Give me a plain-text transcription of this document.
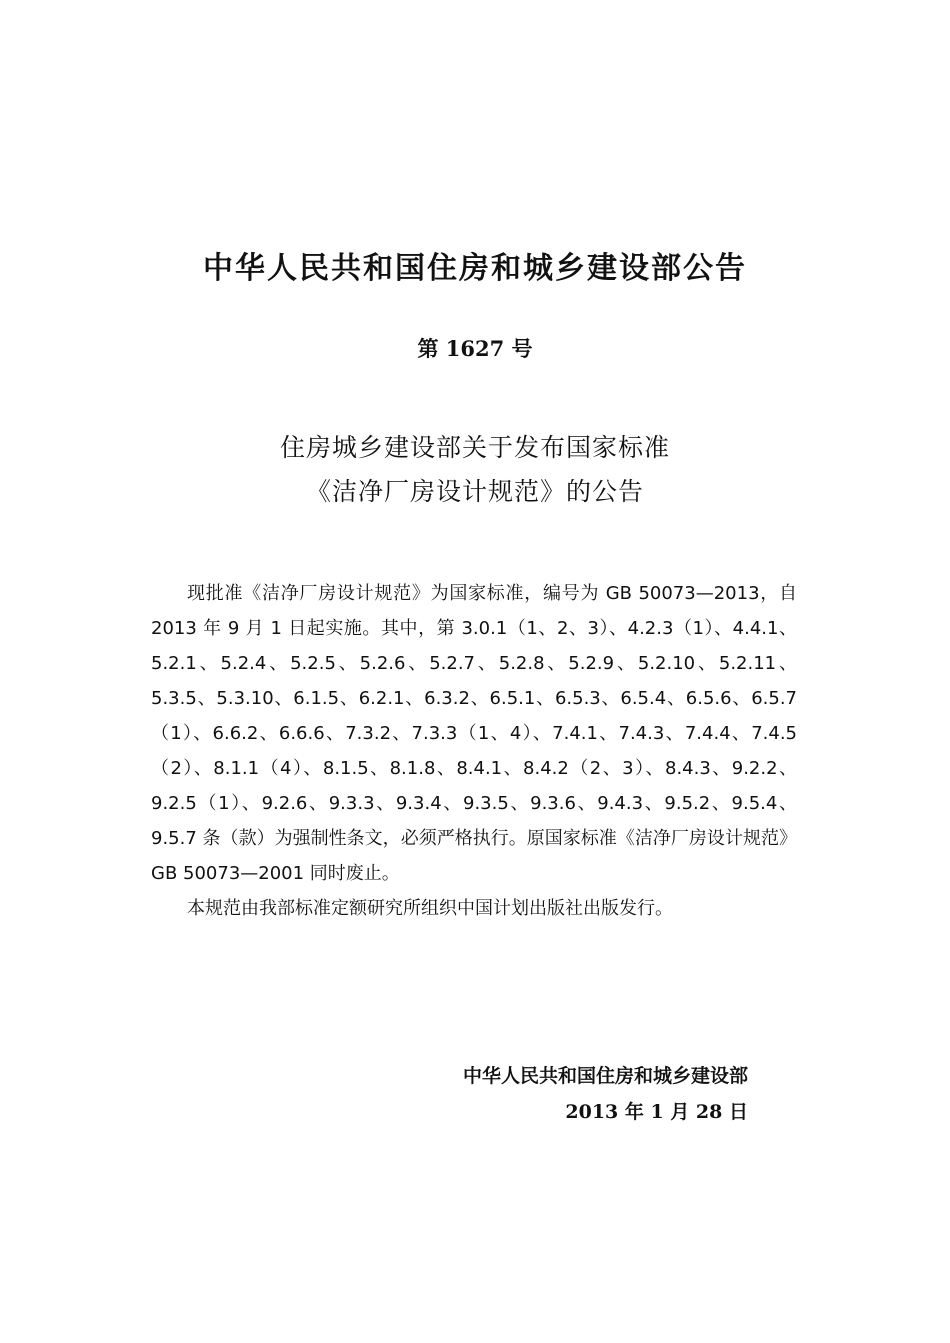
中华人民共和国住房和城乡建设部公告
第 1627 号
住房城乡建设部关于发布国家标准
《洁净厂房设计规范》的公告

现批准《洁净厂房设计规范》为国家标准，编号为 GB 50073—2013，自 2013 年 9 月 1 日起实施。其中，第 3.0.1（1、2、3）、4.2.3（1）、4.4.1、5.2.1、5.2.4、5.2.5、5.2.6、5.2.7、5.2.8、5.2.9、5.2.10、5.2.11、5.3.5、5.3.10、6.1.5、6.2.1、6.3.2、6.5.1、6.5.3、6.5.4、6.5.6、6.5.7（1）、6.6.2、6.6.6、7.3.2、7.3.3（1、4）、7.4.1、7.4.3、7.4.4、7.4.5（2）、8.1.1（4）、8.1.5、8.1.8、8.4.1、8.4.2（2、3）、8.4.3、9.2.2、9.2.5（1）、9.2.6、9.3.3、9.3.4、9.3.5、9.3.6、9.4.3、9.5.2、9.5.4、9.5.7 条（款）为强制性条文，必须严格执行。原国家标准《洁净厂房设计规范》GB 50073—2001 同时废止。

本规范由我部标准定额研究所组织中国计划出版社出版发行。

中华人民共和国住房和城乡建设部
2013 年 1 月 28 日
